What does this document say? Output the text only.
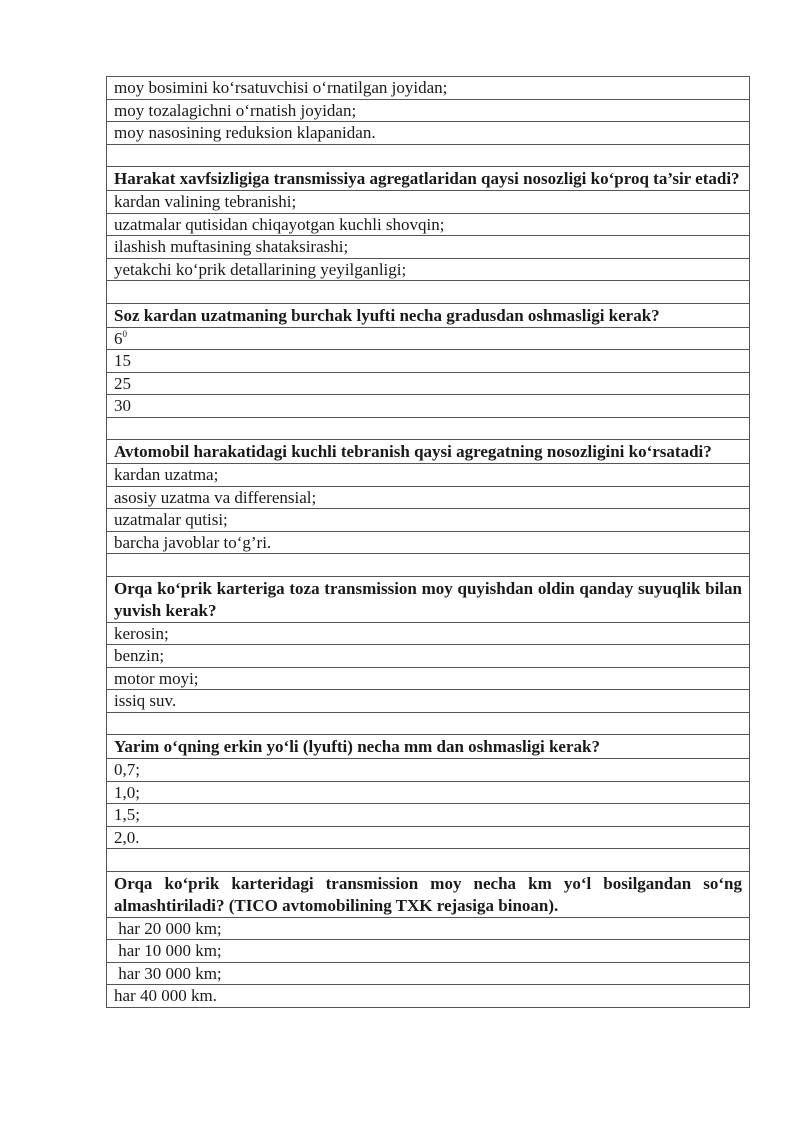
moy bosimini ko‘rsatuvchisi o‘rnatilgan joyidan;
moy tozalagichni o‘rnatish joyidan;
moy nasosining reduksion klapanidan.

Harakat xavfsizligiga transmissiya agregatlaridan qaysi nosozligi ko‘proq ta’sir etadi?
kardan valining tebranishi;
uzatmalar qutisidan chiqayotgan kuchli shovqin;
ilashish muftasining shataksirashi;
yetakchi ko‘prik detallarining yeyilganligi;

Soz kardan uzatmaning burchak lyufti necha gradusdan oshmasligi kerak?
$6^0$
15
25
30

Avtomobil harakatidagi kuchli tebranish qaysi agregatning nosozligini ko‘rsatadi?
kardan uzatma;
asosiy uzatma va differensial;
uzatmalar qutisi;
barcha javoblar to‘g’ri.

Orqa ko‘prik karteriga toza transmission moy quyishdan oldin qanday suyuqlik bilan yuvish kerak?
kerosin;
benzin;
motor moyi;
issiq suv.

Yarim o‘qning erkin yo‘li (lyufti) necha mm dan oshmasligi kerak?
0,7;
1,0;
1,5;
2,0.

Orqa ko‘prik karteridagi transmission moy necha km yo‘l bosilgandan so‘ng almashtiriladi? (TICO avtomobilining TXK rejasiga binoan).
har 20 000 km;
har 10 000 km;
har 30 000 km;
har 40 000 km.
